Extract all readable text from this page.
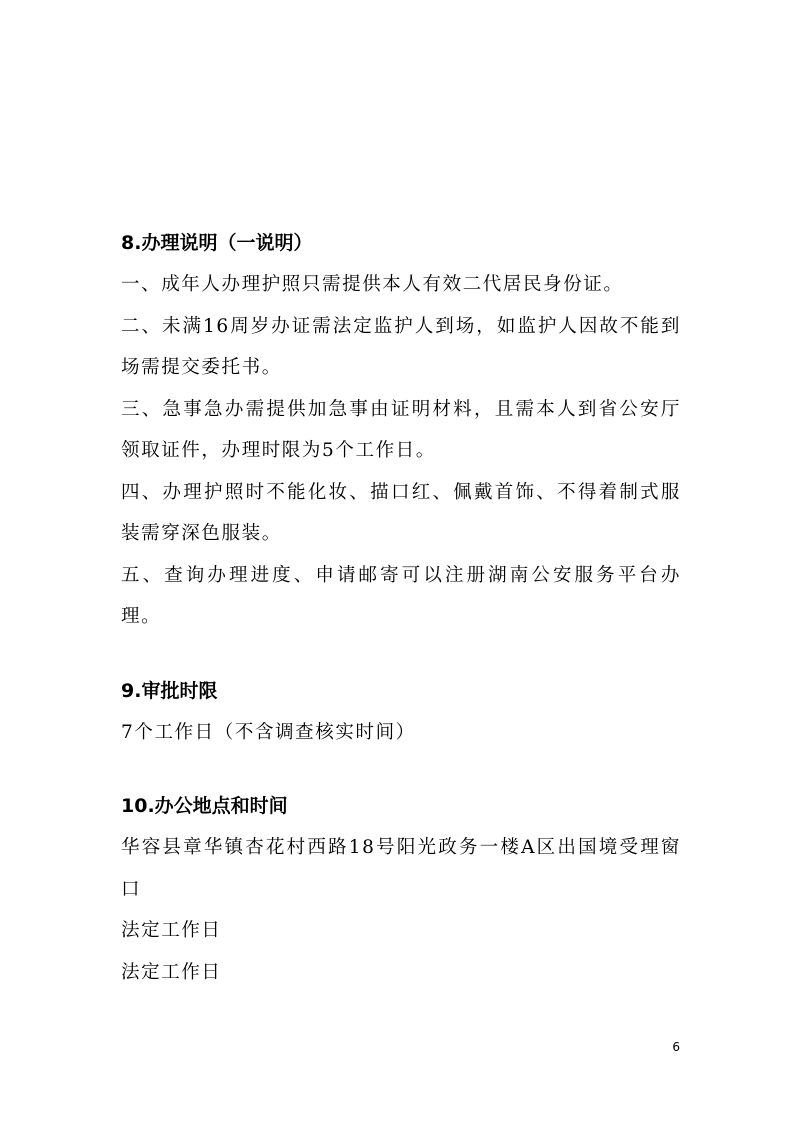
8.办理说明（一说明）

一、成年人办理护照只需提供本人有效二代居民身份证。

二、未满16周岁办证需法定监护人到场，如监护人因故不能到场需提交委托书。

三、急事急办需提供加急事由证明材料，且需本人到省公安厅领取证件，办理时限为5个工作日。

四、办理护照时不能化妆、描口红、佩戴首饰、不得着制式服装需穿深色服装。

五、查询办理进度、申请邮寄可以注册湖南公安服务平台办理。

9.审批时限

7个工作日（不含调查核实时间）

10.办公地点和时间

华容县章华镇杏花村西路18号阳光政务一楼A区出国境受理窗口

法定工作日

法定工作日

6
